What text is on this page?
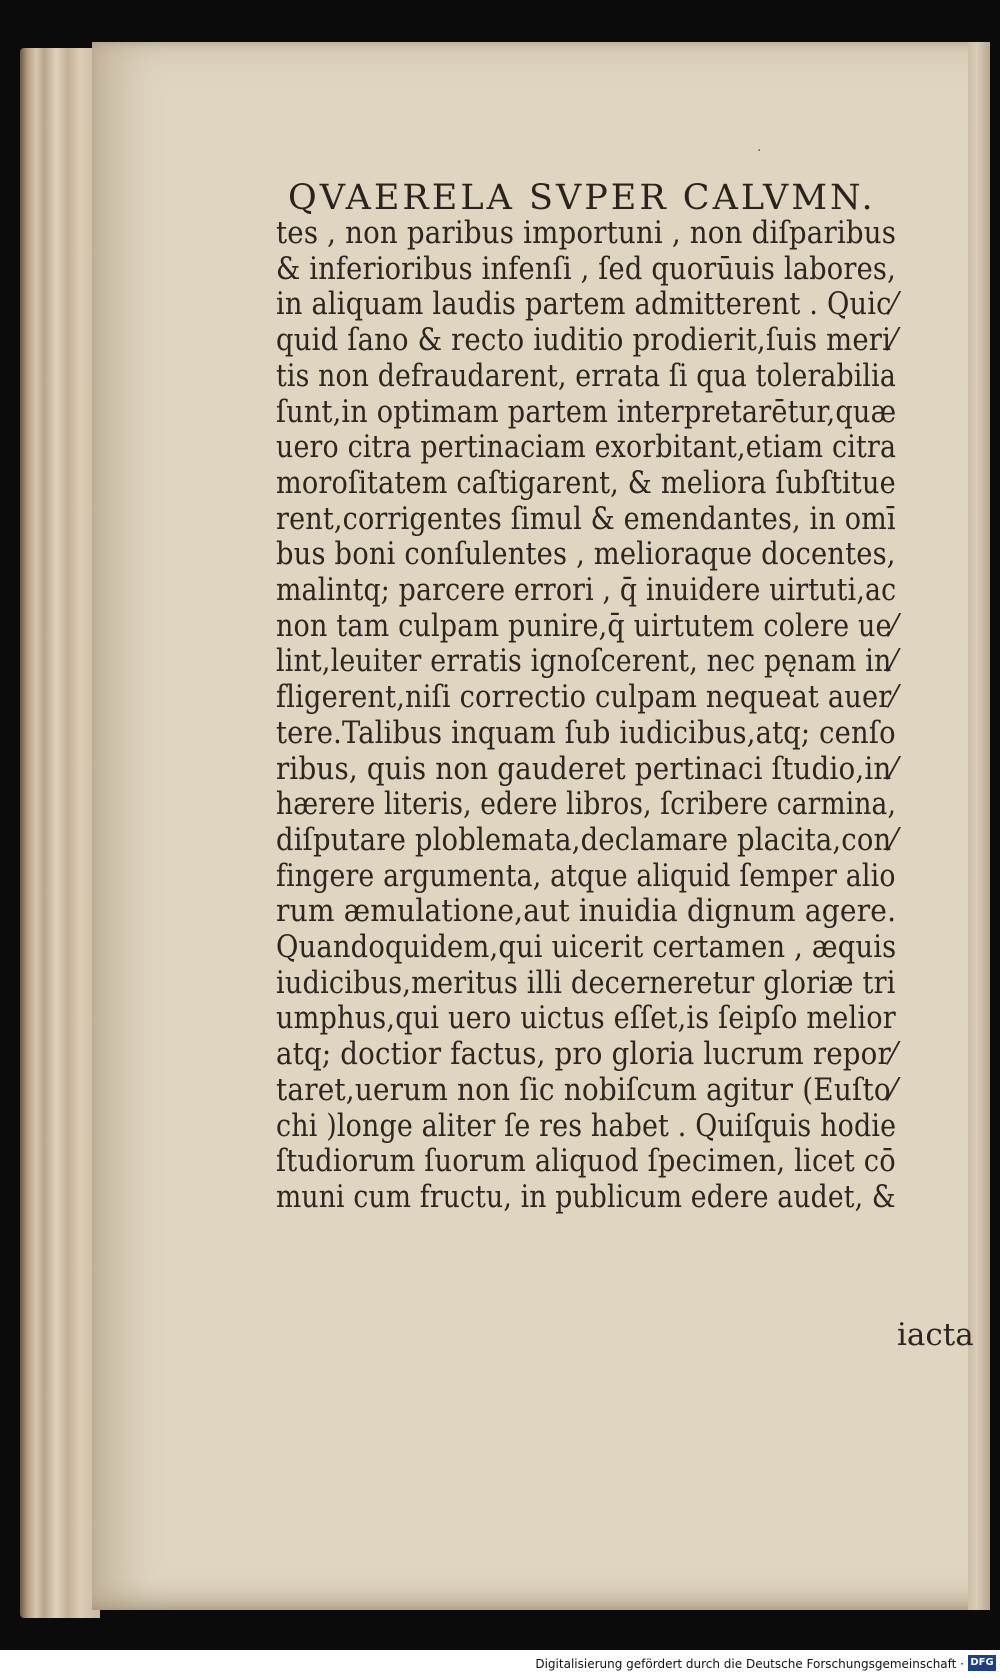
·
QVAERELA SVPER CALVMN.
tes , non paribus importuni , non diſparibus
& inferioribus infenſi , ſed quorūuis labores,
in aliquam laudis partem admitterent . Quic⁄
quid ſano & recto iuditio prodierit,ſuis meri⁄
tis non defraudarent, errata ſi qua tolerabilia
ſunt,in optimam partem interpretarētur,quæ
uero citra pertinaciam exorbitant,etiam citra
moroſitatem caſtigarent, & meliora ſubſtitue
rent,corrigentes ſimul & emendantes, in omī
bus boni conſulentes , melioraque docentes,
malintq; parcere errori , q̄ inuidere uirtuti,ac
non tam culpam punire,q̄ uirtutem colere ue⁄
lint,leuiter erratis ignoſcerent, nec pęnam in⁄
fligerent,niſi correctio culpam nequeat auer⁄
tere.Talibus inquam ſub iudicibus,atq; cenſo
ribus, quis non gauderet pertinaci ſtudio,in⁄
hærere literis, edere libros, ſcribere carmina,
diſputare ploblemata,declamare placita,con⁄
fingere argumenta, atque aliquid ſemper alio
rum æmulatione,aut inuidia dignum agere.
Quandoquidem,qui uicerit certamen , æquis
iudicibus,meritus illi decerneretur gloriæ tri
umphus,qui uero uictus eſſet,is ſeipſo melior
atq; doctior factus, pro gloria lucrum repor⁄
taret,uerum non ſic nobiſcum agitur (Euſto⁄
chi )longe aliter ſe res habet . Quiſquis hodie
ſtudiorum ſuorum aliquod ſpecimen, licet cō
muni cum fructu, in publicum edere audet, &
iacta
Digitalisierung gefördert durch die Deutsche Forschungsgemeinschaft · DFG
